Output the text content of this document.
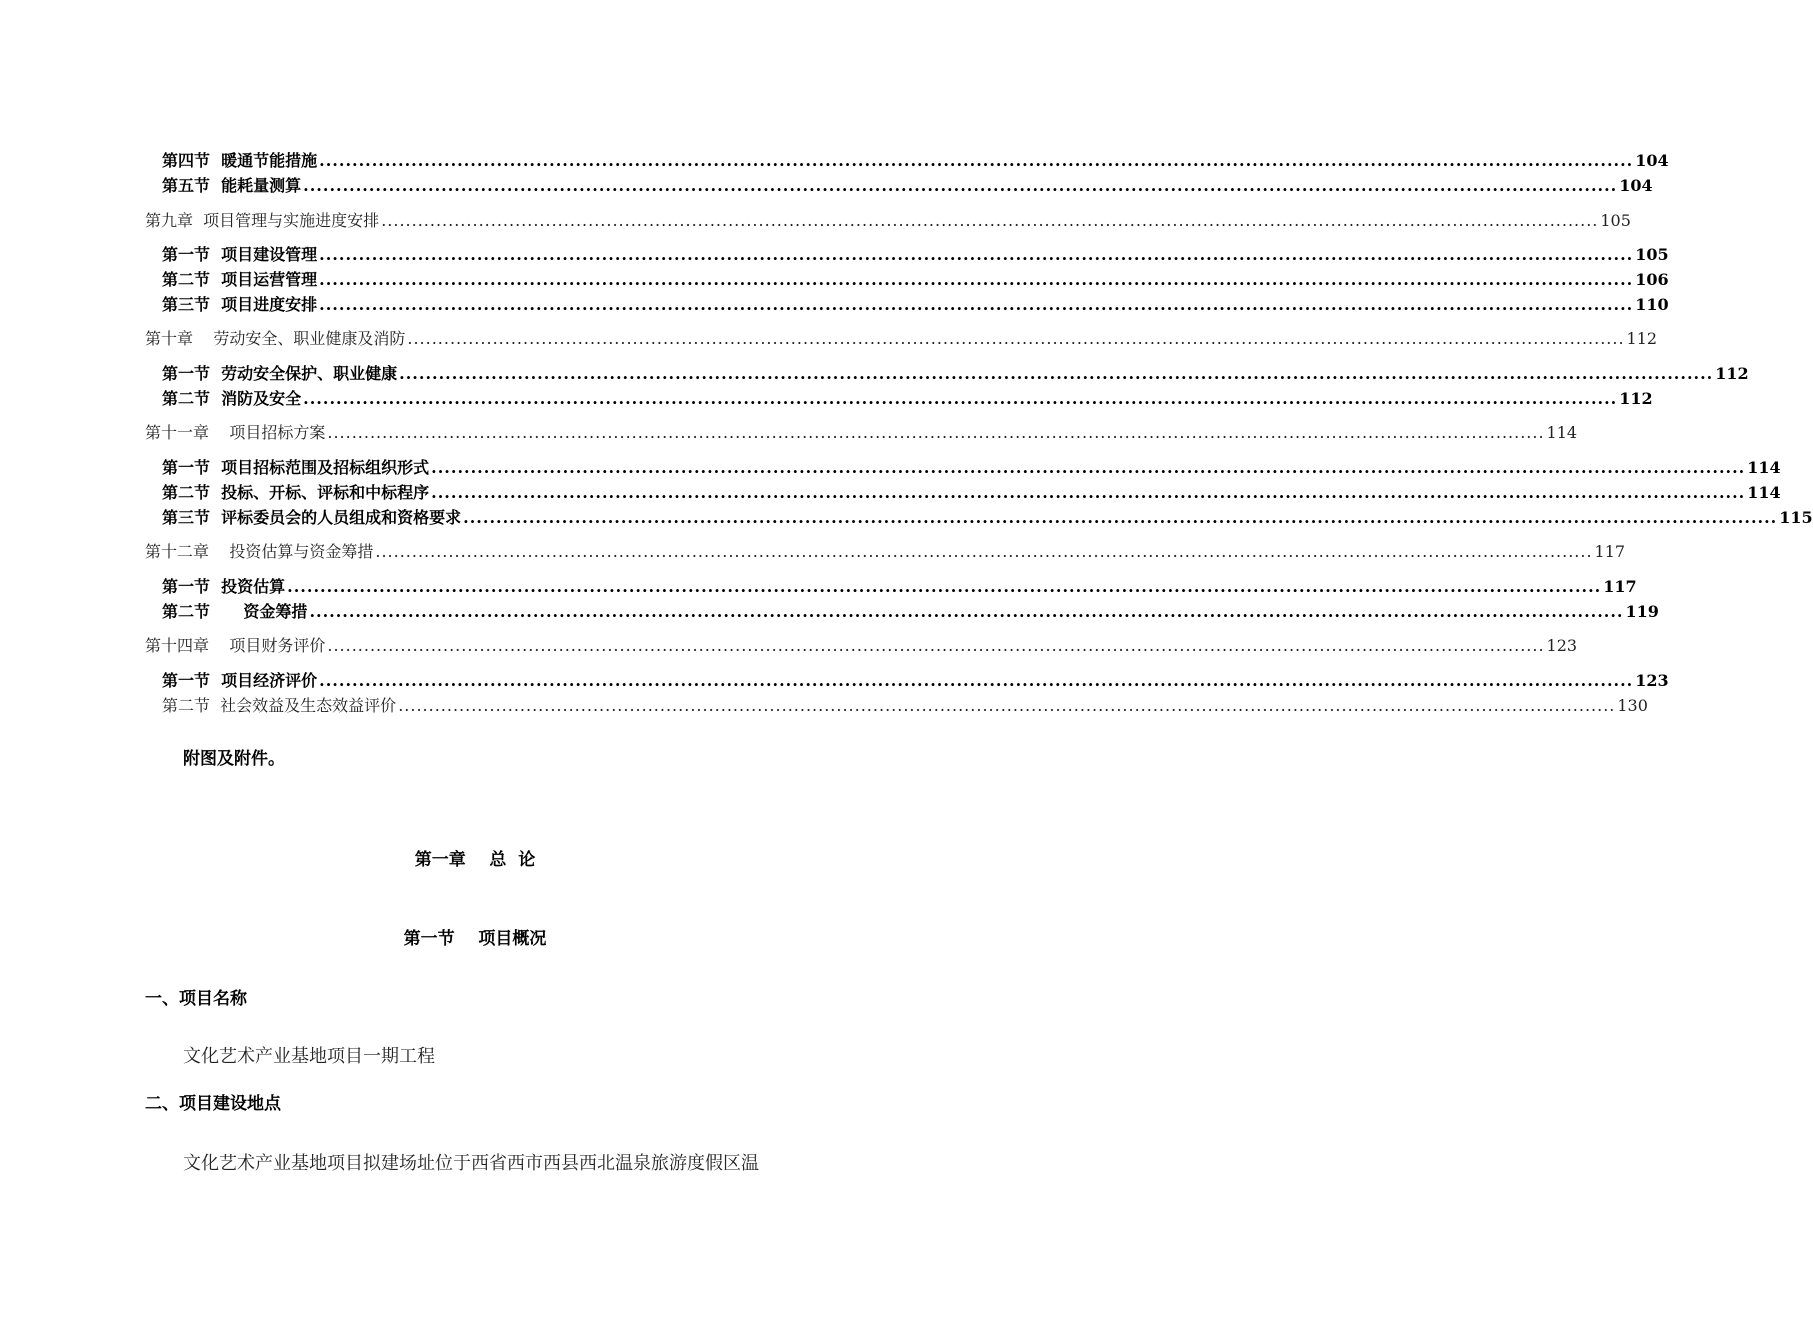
第四节  暖通节能措施 ........................................................................................................................................................................................................ 104
第五节  能耗量测算 ........................................................................................................................................................................................................ 104
第九章  项目管理与实施进度安排 ........................................................................................................................................................................................................ 105
第一节  项目建设管理 ........................................................................................................................................................................................................ 105
第二节  项目运营管理 ........................................................................................................................................................................................................ 106
第三节  项目进度安排 ........................................................................................................................................................................................................ 110
第十章    劳动安全、职业健康及消防 ........................................................................................................................................................................................................ 112
第一节  劳动安全保护、职业健康 ........................................................................................................................................................................................................ 112
第二节  消防及安全 ........................................................................................................................................................................................................ 112
第十一章    项目招标方案 ........................................................................................................................................................................................................ 114
第一节  项目招标范围及招标组织形式 ........................................................................................................................................................................................................ 114
第二节  投标、开标、评标和中标程序 ........................................................................................................................................................................................................ 114
第三节  评标委员会的人员组成和资格要求 ........................................................................................................................................................................................................ 115
第十二章    投资估算与资金筹措 ........................................................................................................................................................................................................ 117
第一节  投资估算 ........................................................................................................................................................................................................ 117
第二节      资金筹措 ........................................................................................................................................................................................................ 119
第十四章    项目财务评价 ........................................................................................................................................................................................................ 123
第一节  项目经济评价 ........................................................................................................................................................................................................ 123
第二节  社会效益及生态效益评价 ........................................................................................................................................................................................................ 130
附图及附件。
第一章    总  论
第一节    项目概况
一、项目名称
文化艺术产业基地项目一期工程
二、项目建设地点
文化艺术产业基地项目拟建场址位于西省西市西县西北温泉旅游度假区温
